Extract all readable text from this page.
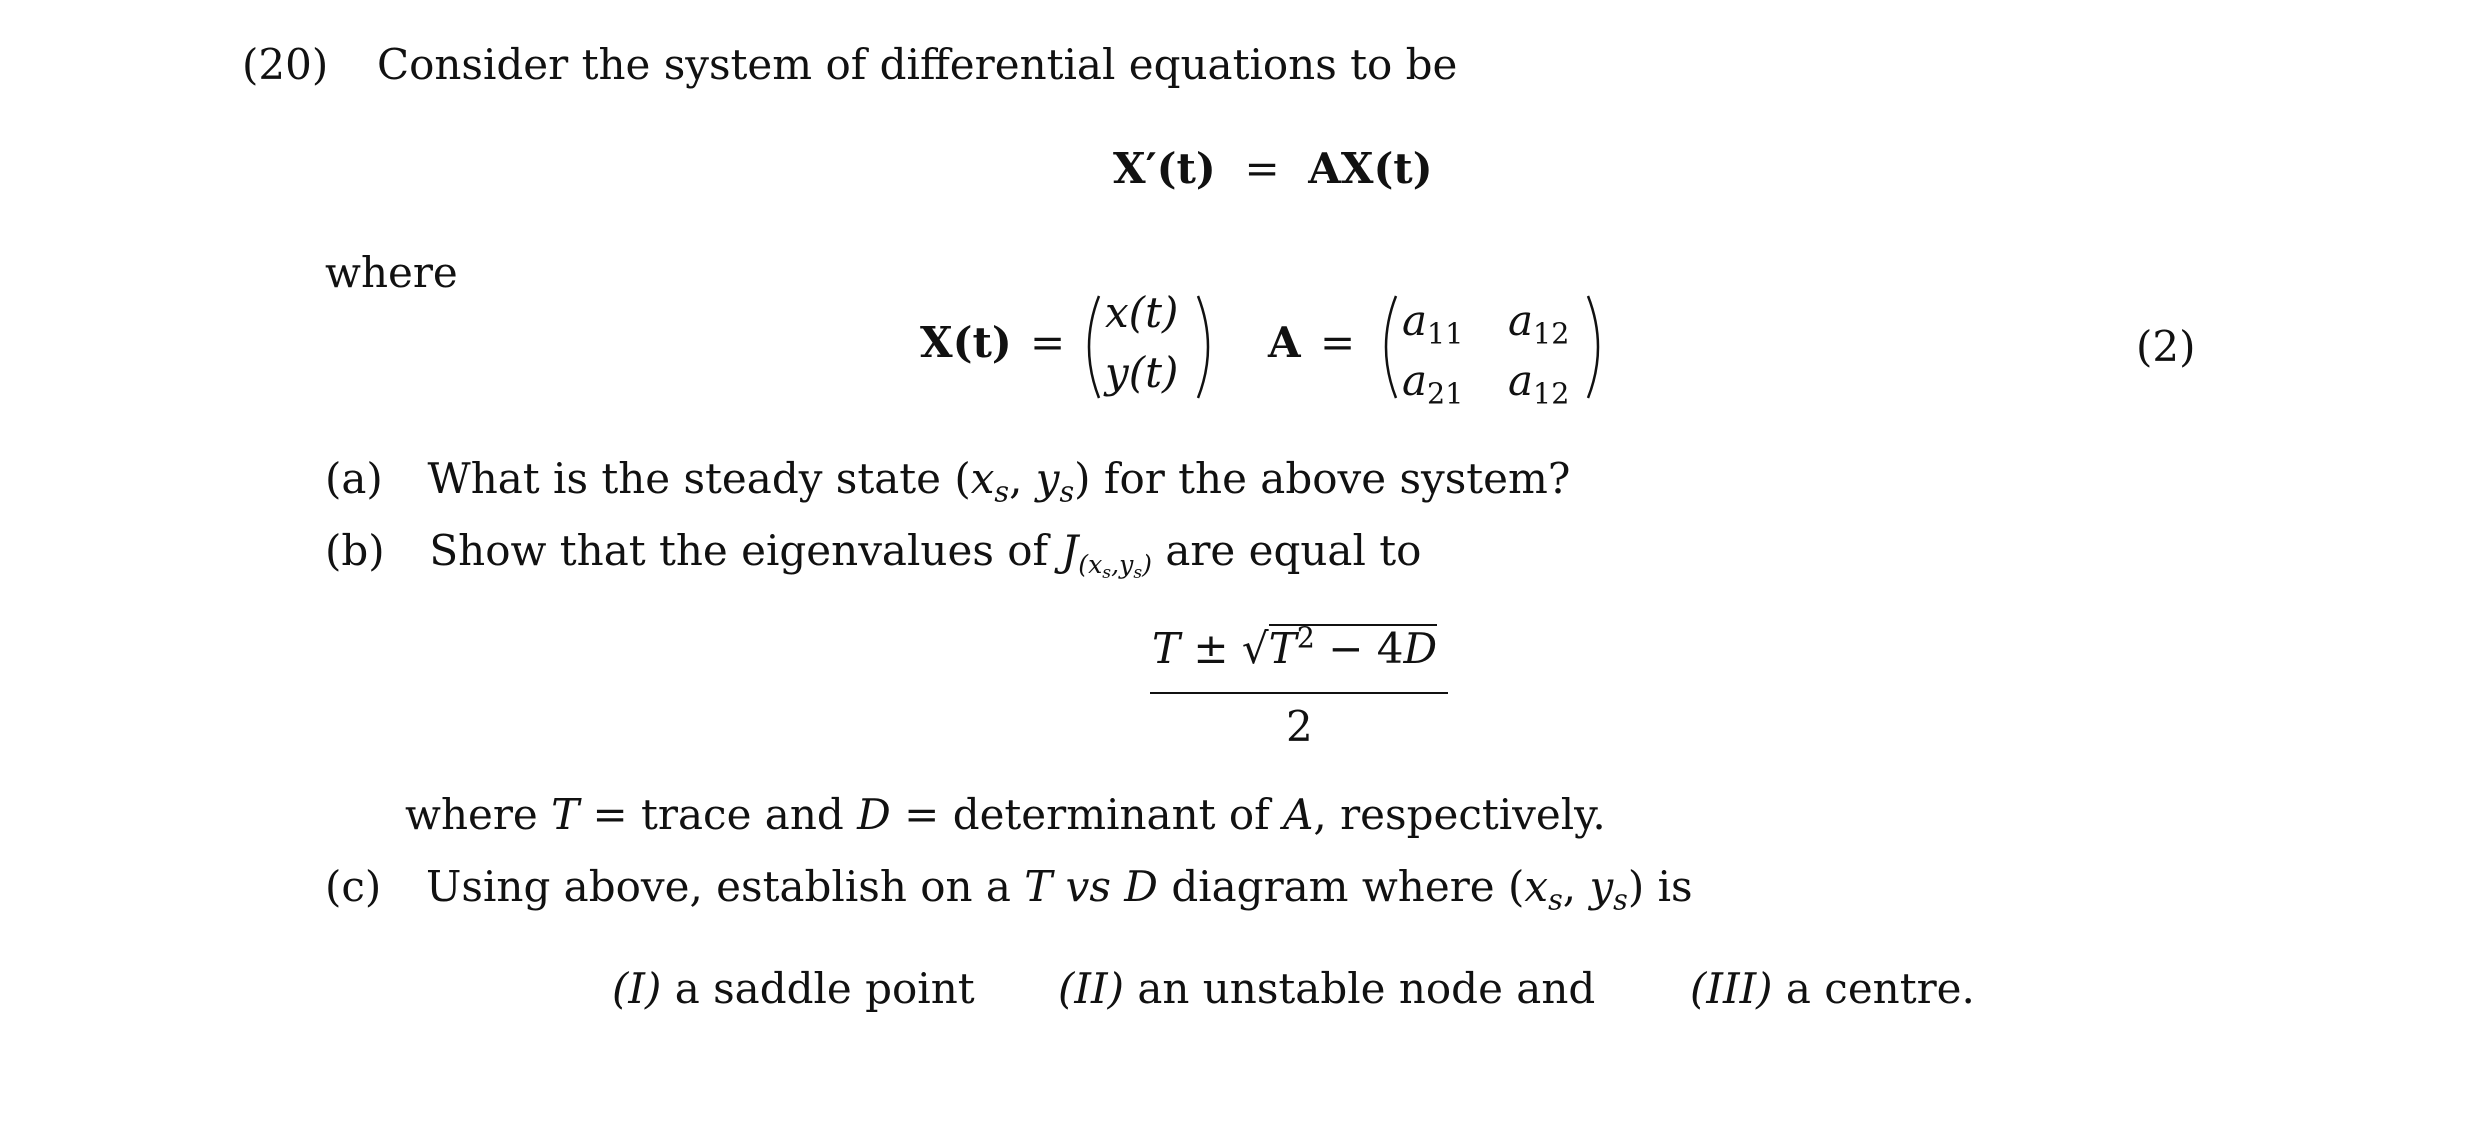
(20) Consider the system of differential equations to be
X′(t) = AX(t)
where
X(t) =
x(t)
y(t)
$A = a_{11}$ $a_{12}$
$a_{21}$ $a_{12}$
(2)
(a) What is the steady state ($x_s$, $y_s$) for the above system?
(b) Show that the eigenvalues of $J_{(x_s,y_s)}$ are equal to
$T \pm √T^2 - 4D$
2
where T = trace and D = determinant of A, respectively.
(c) Using above, establish on a T vs D diagram where ($x_s$, $y_s$) is
(I) a saddle point (II) an unstable node and (III) a centre.
